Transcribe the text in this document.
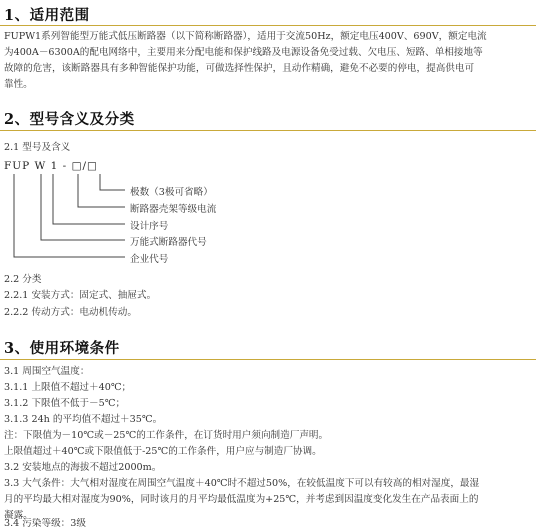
1、适用范围
FUPW1系列智能型万能式低压断路器（以下简称断路器），适用于交流50Hz，额定电压400V、690V，额定电流
为400A－6300A的配电网络中，主要用来分配电能和保护线路及电源设备免受过载、欠电压、短路、单相接地等
故障的危害，该断路器具有多种智能保护功能，可做选择性保护，且动作精确，避免不必要的停电，提高供电可
靠性。
2、型号含义及分类
2.1 型号及含义
FUP W 1 - □/□
极数（3极可省略）
断路器壳架等级电流
设计序号
万能式断路器代号
企业代号
2.2 分类
2.2.1 安装方式：固定式、抽屉式。
2.2.2 传动方式：电动机传动。
3、使用环境条件
3.1 周围空气温度：
3.1.1 上限值不超过＋40℃；
3.1.2 下限值不低于－5℃；
3.1.3 24h 的平均值不超过＋35℃。
注：下限值为－10℃或－25℃的工作条件，在订货时用户须向制造厂声明。
上限值超过＋40℃或下限值低于-25℃的工作条件，用户应与制造厂协调。
3.2 安装地点的海拔不超过2000m。
3.3 大气条件：大气相对湿度在周围空气温度＋40℃时不超过50%，在较低温度下可以有较高的相对湿度，最湿
月的平均最大相对湿度为90%，同时该月的月平均最低温度为+25℃，并考虑到因温度变化发生在产品表面上的
凝露。
3.4 污染等级：3级
